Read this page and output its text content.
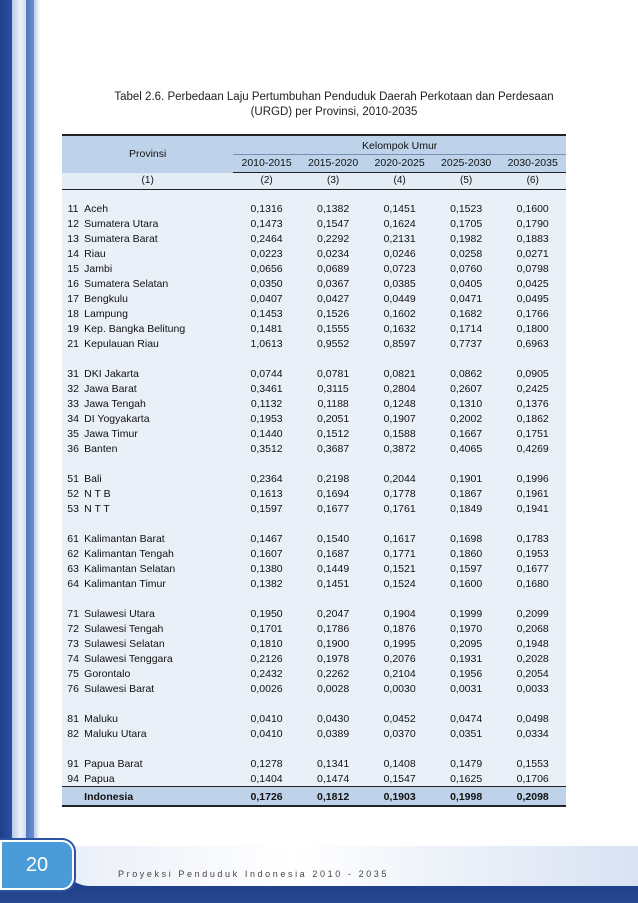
Tabel 2.6. Perbedaan Laju Pertumbuhan Penduduk Daerah Perkotaan dan Perdesaan
(URGD) per Provinsi, 2010-2035
Provinsi		Kelompok Umur				
		2010-2015	2015-2020	2020-2025	2025-2030	2030-2035
(1)		(2)	(3)	(4)	(5)	(6)
11	Aceh	0,1316	0,1382	0,1451	0,1523	0,1600
12	Sumatera Utara	0,1473	0,1547	0,1624	0,1705	0,1790
13	Sumatera Barat	0,2464	0,2292	0,2131	0,1982	0,1883
14	Riau	0,0223	0,0234	0,0246	0,0258	0,0271
15	Jambi	0,0656	0,0689	0,0723	0,0760	0,0798
16	Sumatera Selatan	0,0350	0,0367	0,0385	0,0405	0,0425
17	Bengkulu	0,0407	0,0427	0,0449	0,0471	0,0495
18	Lampung	0,1453	0,1526	0,1602	0,1682	0,1766
19	Kep. Bangka Belitung	0,1481	0,1555	0,1632	0,1714	0,1800
21	Kepulauan Riau	1,0613	0,9552	0,8597	0,7737	0,6963

31	DKI Jakarta	0,0744	0,0781	0,0821	0,0862	0,0905
32	Jawa Barat	0,3461	0,3115	0,2804	0,2607	0,2425
33	Jawa Tengah	0,1132	0,1188	0,1248	0,1310	0,1376
34	DI Yogyakarta	0,1953	0,2051	0,1907	0,2002	0,1862
35	Jawa Timur	0,1440	0,1512	0,1588	0,1667	0,1751
36	Banten	0,3512	0,3687	0,3872	0,4065	0,4269

51	Bali	0,2364	0,2198	0,2044	0,1901	0,1996
52	N T B	0,1613	0,1694	0,1778	0,1867	0,1961
53	N T T	0,1597	0,1677	0,1761	0,1849	0,1941

61	Kalimantan Barat	0,1467	0,1540	0,1617	0,1698	0,1783
62	Kalimantan Tengah	0,1607	0,1687	0,1771	0,1860	0,1953
63	Kalimantan Selatan	0,1380	0,1449	0,1521	0,1597	0,1677
64	Kalimantan Timur	0,1382	0,1451	0,1524	0,1600	0,1680

71	Sulawesi Utara	0,1950	0,2047	0,1904	0,1999	0,2099
72	Sulawesi Tengah	0,1701	0,1786	0,1876	0,1970	0,2068
73	Sulawesi Selatan	0,1810	0,1900	0,1995	0,2095	0,1948
74	Sulawesi Tenggara	0,2126	0,1978	0,2076	0,1931	0,2028
75	Gorontalo	0,2432	0,2262	0,2104	0,1956	0,2054
76	Sulawesi Barat	0,0026	0,0028	0,0030	0,0031	0,0033

81	Maluku	0,0410	0,0430	0,0452	0,0474	0,0498
82	Maluku Utara	0,0410	0,0389	0,0370	0,0351	0,0334

91	Papua Barat	0,1278	0,1341	0,1408	0,1479	0,1553
94	Papua	0,1404	0,1474	0,1547	0,1625	0,1706
	Indonesia	0,1726	0,1812	0,1903	0,1998	0,2098
20	Proyeksi Penduduk Indonesia 2010 - 2035
